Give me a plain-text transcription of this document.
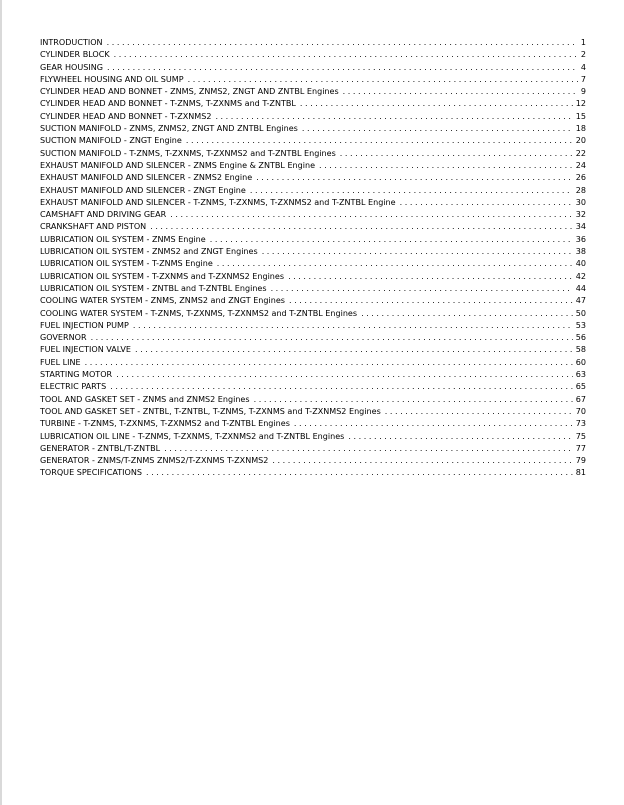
INTRODUCTION . . .	1
CYLINDER BLOCK . . .	2
GEAR HOUSING . . .	4
FLYWHEEL HOUSING AND OIL SUMP . . .	7
CYLINDER HEAD AND BONNET - ZNMS, ZNMS2, ZNGT AND ZNTBL Engines . . .	9
CYLINDER HEAD AND BONNET - T-ZNMS, T-ZXNMS and T-ZNTBL . . .	12
CYLINDER HEAD AND BONNET - T-ZXNMS2 . . .	15
SUCTION MANIFOLD - ZNMS, ZNMS2, ZNGT AND ZNTBL Engines . . .	18
SUCTION MANIFOLD - ZNGT Engine . . .	20
SUCTION MANIFOLD - T-ZNMS, T-ZXNMS, T-ZXNMS2 and T-ZNTBL Engines . . .	22
EXHAUST MANIFOLD AND SILENCER - ZNMS Engine & ZNTBL Engine . . .	24
EXHAUST MANIFOLD AND SILENCER - ZNMS2 Engine . . .	26
EXHAUST MANIFOLD AND SILENCER - ZNGT Engine . . .	28
EXHAUST MANIFOLD AND SILENCER - T-ZNMS, T-ZXNMS, T-ZXNMS2 and T-ZNTBL Engine . . .	30
CAMSHAFT AND DRIVING GEAR . . .	32
CRANKSHAFT AND PISTON . . .	34
LUBRICATION OIL SYSTEM - ZNMS Engine . . .	36
LUBRICATION OIL SYSTEM - ZNMS2 and ZNGT Engines . . .	38
LUBRICATION OIL SYSTEM - T-ZNMS Engine . . .	40
LUBRICATION OIL SYSTEM - T-ZXNMS and T-ZXNMS2 Engines . . .	42
LUBRICATION OIL SYSTEM - ZNTBL and T-ZNTBL Engines . . .	44
COOLING WATER SYSTEM - ZNMS, ZNMS2 and ZNGT Engines . . .	47
COOLING WATER SYSTEM - T-ZNMS, T-ZXNMS, T-ZXNMS2 and T-ZNTBL Engines . . .	50
FUEL INJECTION PUMP . . .	53
GOVERNOR . . .	56
FUEL INJECTION VALVE . . .	58
FUEL LINE . . .	60
STARTING MOTOR . . .	63
ELECTRIC PARTS . . .	65
TOOL AND GASKET SET - ZNMS and ZNMS2 Engines . . .	67
TOOL AND GASKET SET - ZNTBL, T-ZNTBL, T-ZNMS, T-ZXNMS and T-ZXNMS2 Engines . . .	70
TURBINE - T-ZNMS, T-ZXNMS, T-ZXNMS2 and T-ZNTBL Engines . . .	73
LUBRICATION OIL LINE - T-ZNMS, T-ZXNMS, T-ZXNMS2 and T-ZNTBL Engines . . .	75
GENERATOR - ZNTBL/T-ZNTBL . . .	77
GENERATOR - ZNMS/T-ZNMS ZNMS2/T-ZXNMS T-ZXNMS2 . . .	79
TORQUE SPECIFICATIONS . . .	81
